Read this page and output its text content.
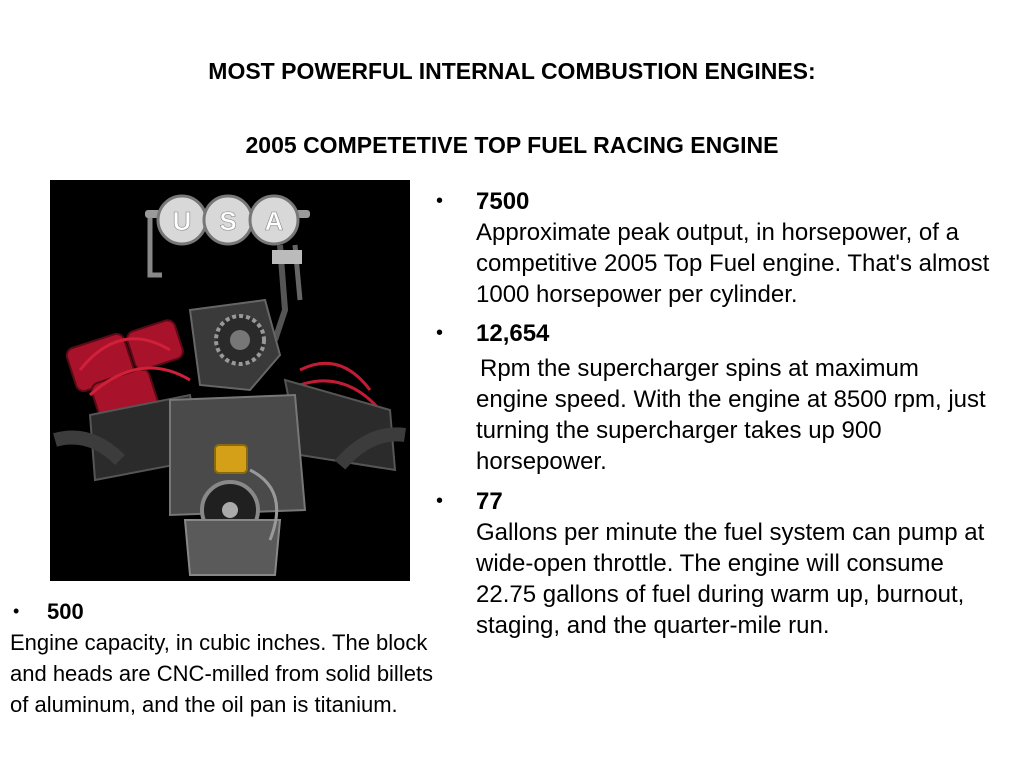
MOST POWERFUL INTERNAL COMBUSTION ENGINES:
2005 COMPETETIVE TOP FUEL RACING ENGINE
U S A
• 7500
Approximate peak output, in horsepower, of a competitive 2005 Top Fuel engine. That's almost 1000 horsepower per cylinder.
• 12,654
Rpm the supercharger spins at maximum engine speed. With the engine at 8500 rpm, just turning the supercharger takes up 900 horsepower.
• 77
Gallons per minute the fuel system can pump at wide-open throttle. The engine will consume 22.75 gallons of fuel during warm up, burnout, staging, and the quarter-mile run.
• 500
Engine capacity, in cubic inches. The block and heads are CNC-milled from solid billets of aluminum, and the oil pan is titanium.
